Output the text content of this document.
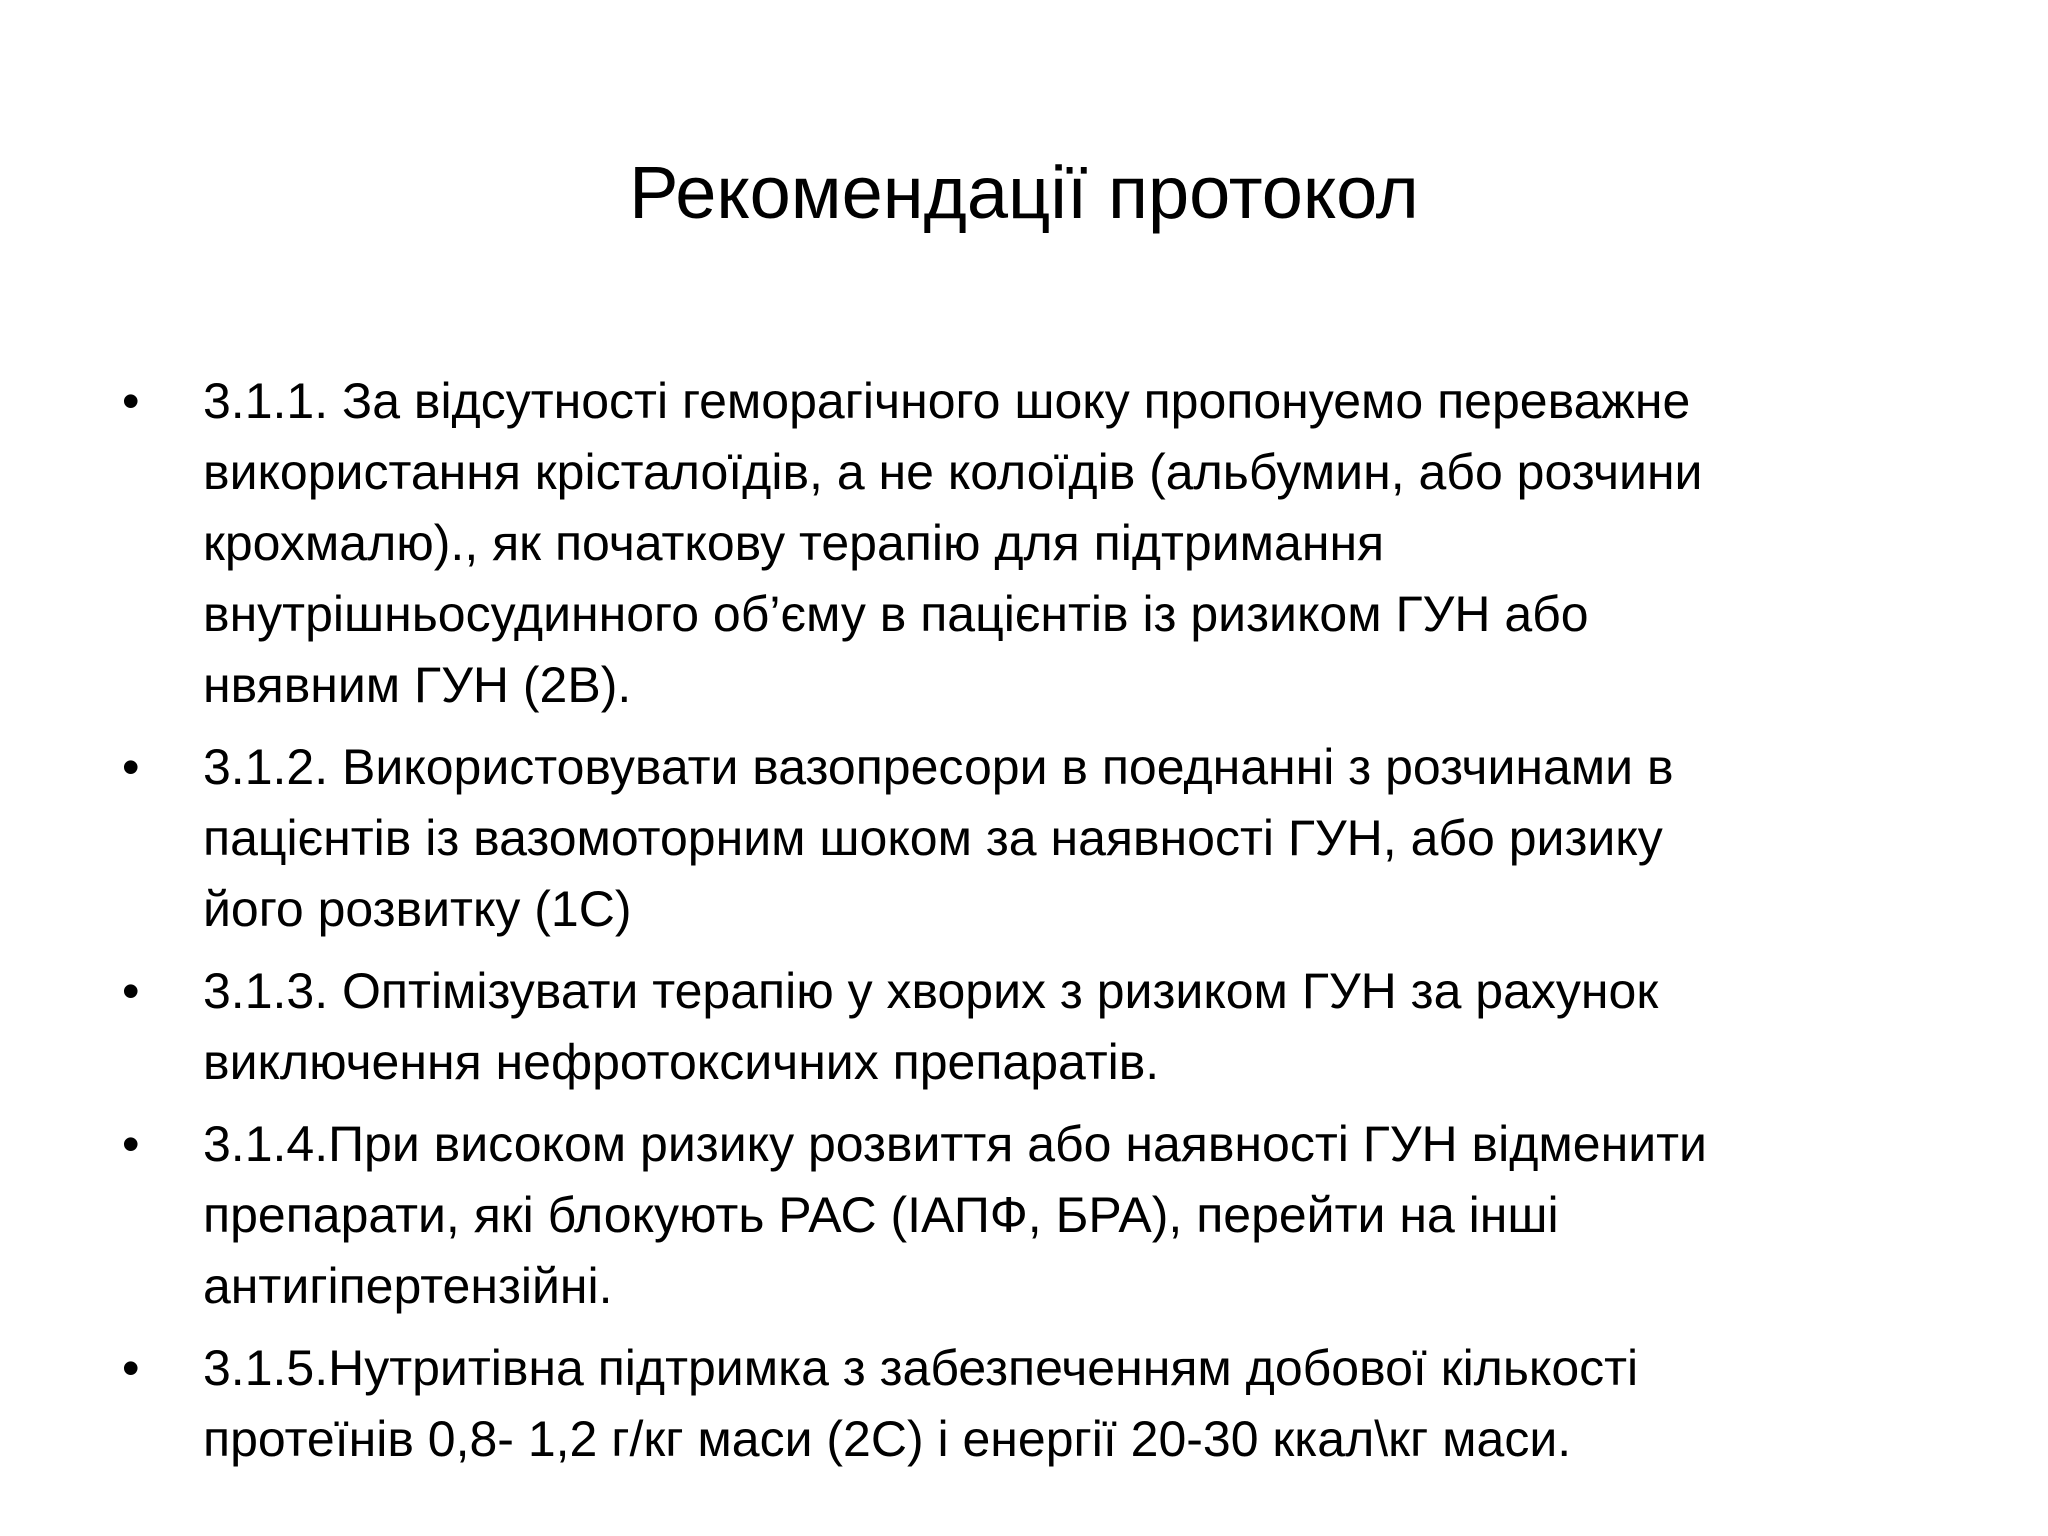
Рекомендації протокол
•	3.1.1. За відсутності геморагічного шоку пропонуемо переважне
використання крісталоїдів, а не колоїдів (альбумин, або розчини
крохмалю)., як початкову терапію для підтримання
внутрішньосудинного об’єму в пацієнтів із ризиком ГУН або
нвявним ГУН (2В).
•	3.1.2. Використовувати вазопресори в поеднанні з розчинами в
пацієнтів із вазомоторним шоком за наявності ГУН, або ризику
його розвитку (1С)
•	3.1.3. Оптімізувати терапію у хворих з ризиком ГУН за рахунок
виключення нефротоксичних препаратів.
•	3.1.4.При високом ризику розвиття або наявності ГУН відменити
препарати, які блокують РАС (ІАПФ, БРА), перейти на інші
антигіпертензійні.
•	3.1.5.Нутритівна підтримка з забезпеченням добової кількості
протеїнів 0,8- 1,2 г/кг маси (2С) і енергії 20-30 ккал\кг маси.
